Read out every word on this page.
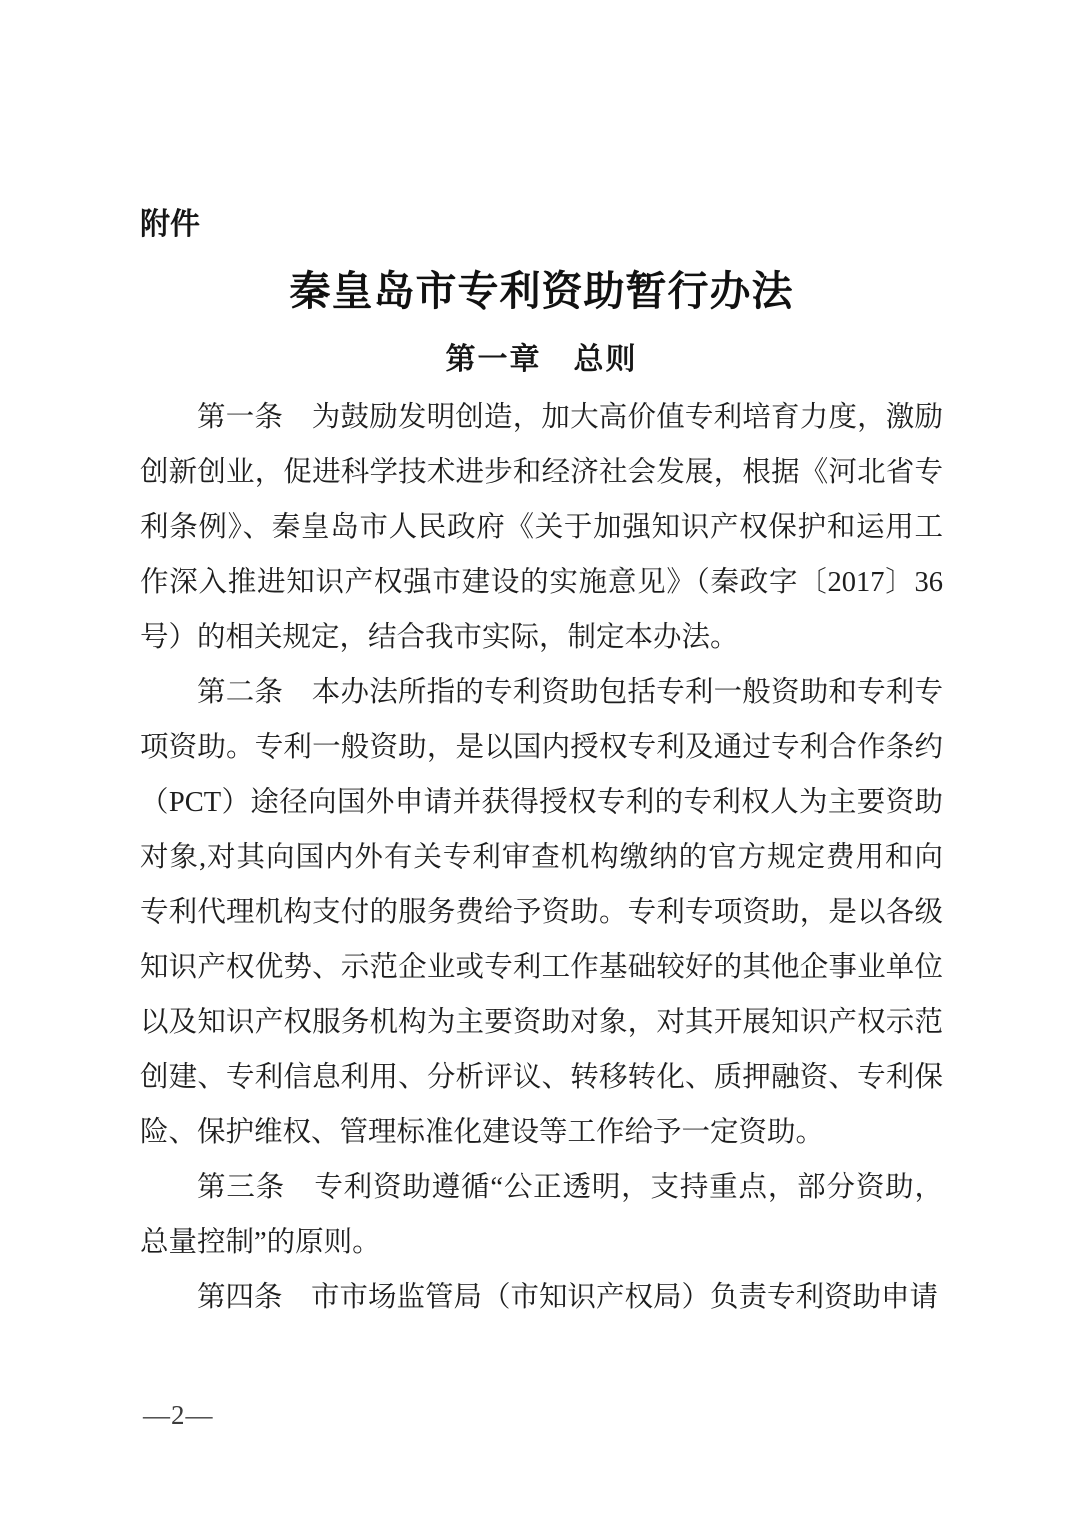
附件
秦皇岛市专利资助暂行办法
第一章　总则

第一条　为鼓励发明创造，加大高价值专利培育力度，激励创新创业，促进科学技术进步和经济社会发展，根据《河北省专利条例》、秦皇岛市人民政府《关于加强知识产权保护和运用工作深入推进知识产权强市建设的实施意见》（秦政字〔2017〕36号）的相关规定，结合我市实际，制定本办法。

第二条　本办法所指的专利资助包括专利一般资助和专利专项资助。专利一般资助，是以国内授权专利及通过专利合作条约（PCT）途径向国外申请并获得授权专利的专利权人为主要资助对象,对其向国内外有关专利审查机构缴纳的官方规定费用和向专利代理机构支付的服务费给予资助。专利专项资助，是以各级知识产权优势、示范企业或专利工作基础较好的其他企事业单位以及知识产权服务机构为主要资助对象，对其开展知识产权示范创建、专利信息利用、分析评议、转移转化、质押融资、专利保险、保护维权、管理标准化建设等工作给予一定资助。

第三条　专利资助遵循“公正透明，支持重点，部分资助，总量控制”的原则。

第四条　市市场监管局（市知识产权局）负责专利资助申请

—2—
